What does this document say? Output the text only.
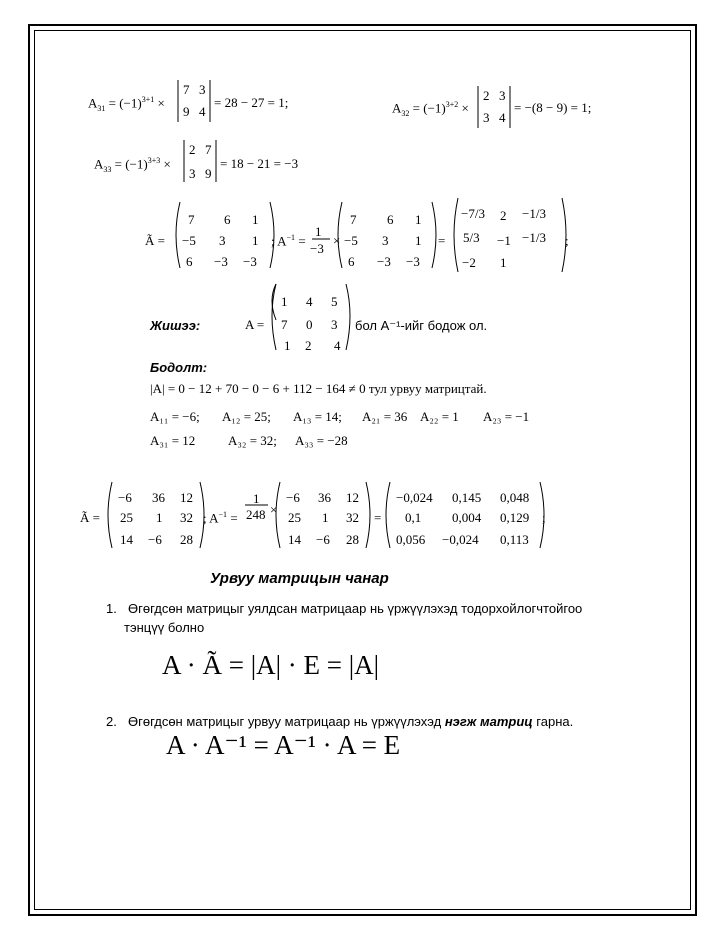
$A_{31} = (-1)^{3+1}$ ×
7 3
9 4
= 28 − 27 = 1;	$A_{32} = (-1)^{3+2}$ ×
2 3
3 4
= −(8 − 9) = 1;
$A_{33} = (-1)^{3+3}$ ×
2 7
3 9
= 18 − 21 = −3
Ã =
7 6 1
−5 3 1
6 −3 −3
; $A^{-1}$ =
1
−3
×
7 6 1
−5 3 1
6 −3 −3
=
−7/3 2 −1/3
5/3 −1 −1/3
−2 1
;
Жишээ:	A =
1 4 5
7 0 3
1 2 4
бол A⁻¹-ийг бодож ол.
Бодолт:
|A| = 0 − 12 + 70 − 0 − 6 + 112 − 164 ≠ 0 тул урвуу матрицтай.
A₁₁ = −6; A₁₂ = 25; A₁₃ = 14; A₂₁ = 36 A₂₂ = 1 A₂₃ = −1
A₃₁ = 12	A₃₂ = 32; A₃₃ = −28
Ã =
−6 36 12
25 1 32
14 −6 28
; $A^{-1}$ =
1
248 ×
−6 36 12
25 1 32
14 −6 28
=
−0,024 0,145 0,048
0,1 0,004 0,129
0,056 −0,024 0,113
;
Урвуу матрицын чанар
1. Өгөгдсөн матрицыг уялдсан матрицаар нь үржүүлэхэд тодорхойлогчтойгоо
тэнцүү болно
A · Ã = |A| · E = |A|
2. Өгөгдсөн матрицыг урвуу матрицаар нь үржүүлэхэд нэгж матриц гарна.
A · A⁻¹ = A⁻¹ · A = E
